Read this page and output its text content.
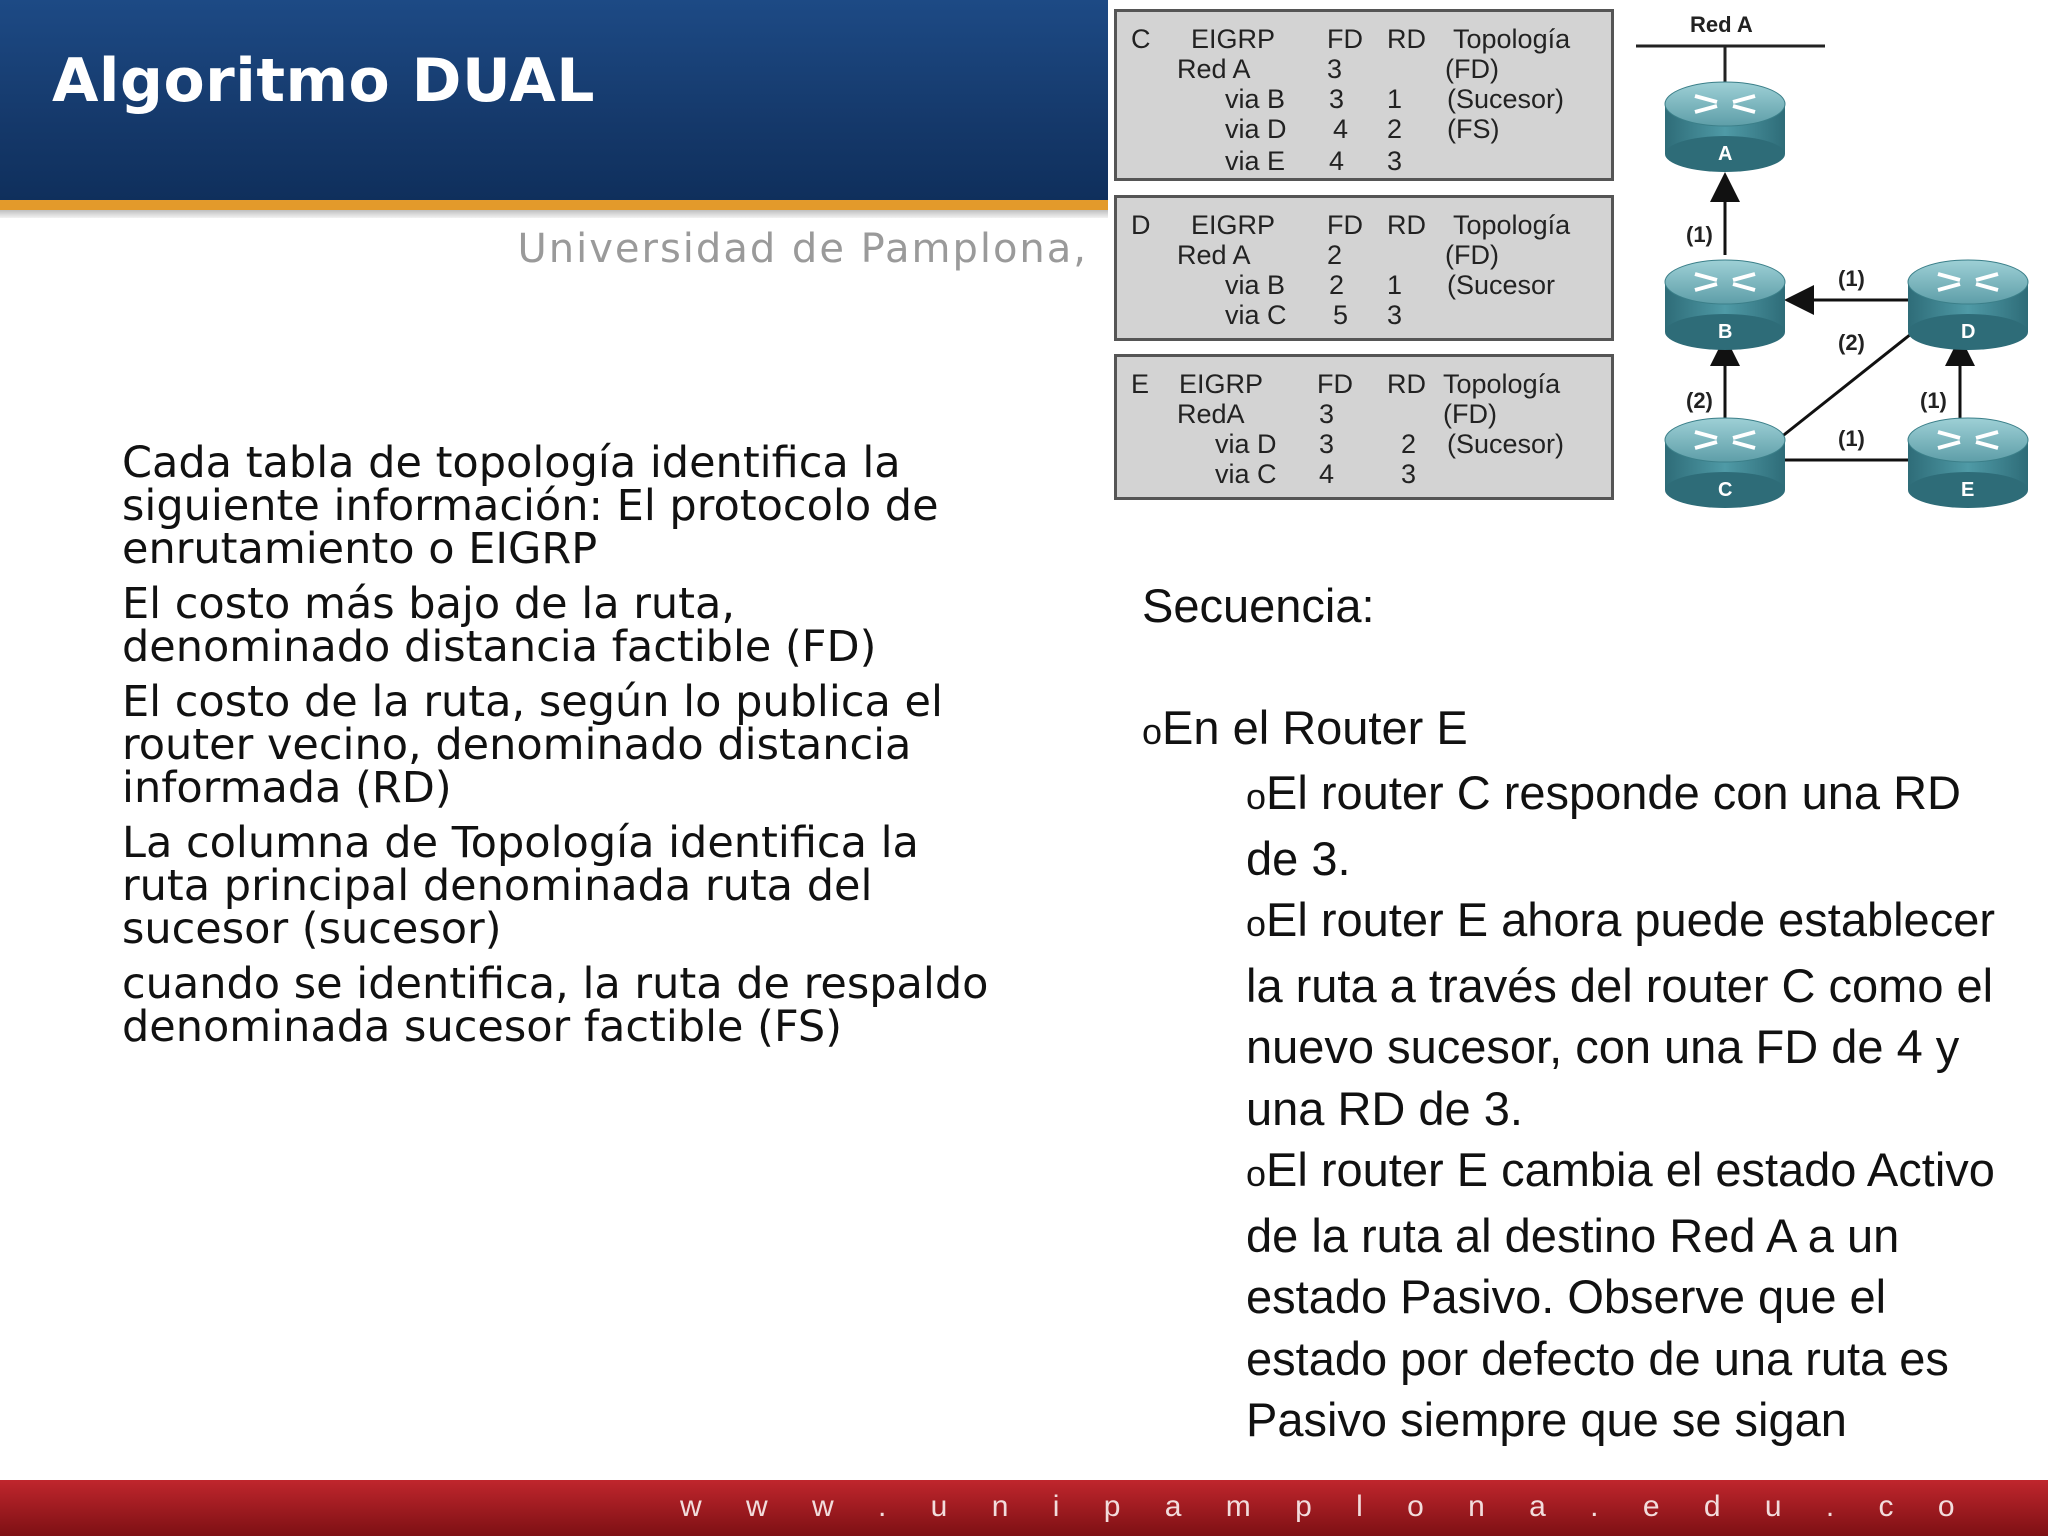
Algoritmo DUAL
Universidad de Pamplona,
C EIGRP FD RD Topología
Red A	3	(FD)
via B 3 1 (Sucesor)
via D 4 2 (FS)
via E 4 3
D EIGRP FD RD Topología
Red A	2	(FD)
via B 2 1 (Sucesor
via C 5 3
E EIGRP FD RD Topología
RedA	3	(FD)
via D 3 2 (Sucesor)
via C 4 3
Red A
(1)
(1)
(2)
(2)
(1)
(1)
A
B
C
D
E

Cada tabla de topología identifica la siguiente información: El protocolo de enrutamiento o EIGRP

El costo más bajo de la ruta, denominado distancia factible (FD)

El costo de la ruta, según lo publica el router vecino, denominado distancia informada (RD)

La columna de Topología identifica la ruta principal denominada ruta del sucesor (sucesor)

cuando se identifica, la ruta de respaldo denominada sucesor factible (FS)

Secuencia:
oEn el Router E

oEl router C responde con una RD de 3.

oEl router E ahora puede establecer la ruta a través del router C como el nuevo sucesor, con una FD de 4 y una RD de 3.

oEl router E cambia el estado Activo de la ruta al destino Red A a un estado Pasivo. Observe que el estado por defecto de una ruta es Pasivo siempre que se sigan

w w w . u n i p a m p l o n a . e d u . c o
